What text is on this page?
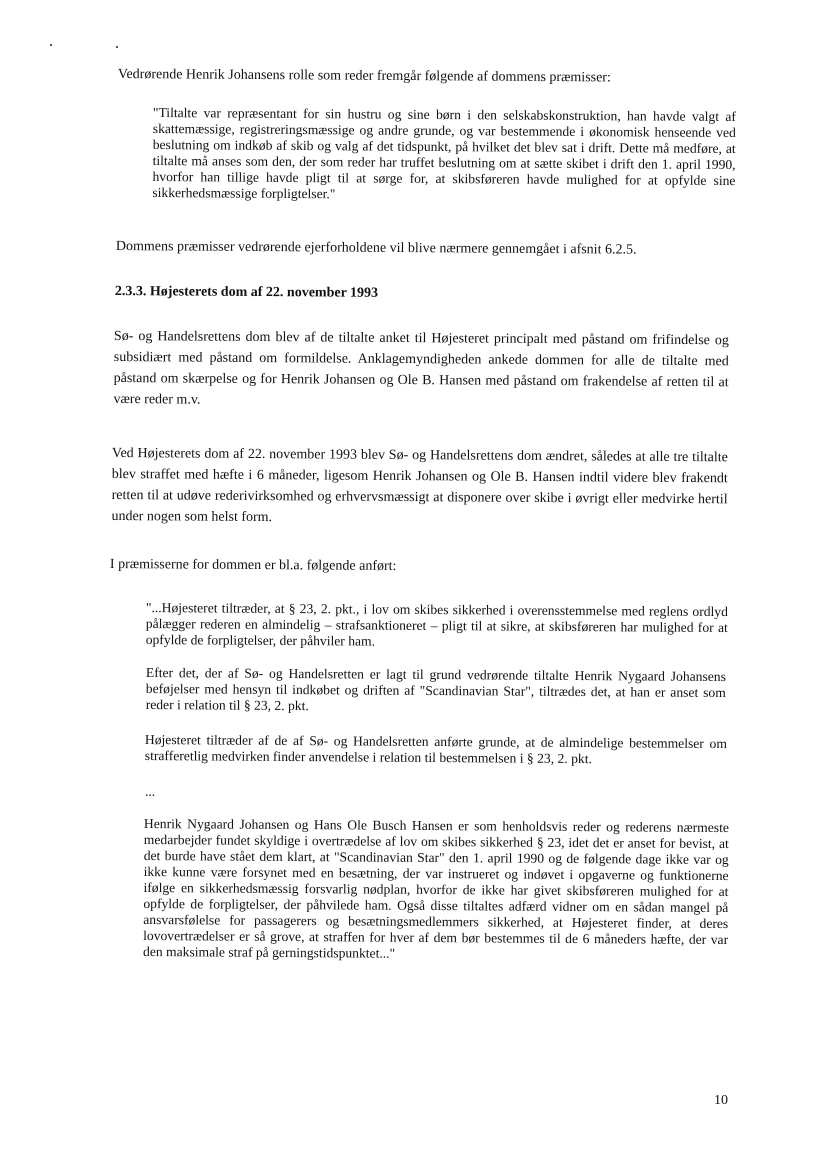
Vedrørende Henrik Johansens rolle som reder fremgår følgende af dommens præmisser:

"Tiltalte var repræsentant for sin hustru og sine børn i den selskabskonstruktion, han havde valgt af skattemæssige, registreringsmæssige og andre grunde, og var bestemmende i økonomisk henseende ved beslutning om indkøb af skib og valg af det tidspunkt, på hvilket det blev sat i drift. Dette må medføre, at tiltalte må anses som den, der som reder har truffet beslutning om at sætte skibet i drift den 1. april 1990, hvorfor han tillige havde pligt til at sørge for, at skibsføreren havde mulighed for at opfylde sine sikkerhedsmæssige forpligtelser."

Dommens præmisser vedrørende ejerforholdene vil blive nærmere gennemgået i afsnit 6.2.5.

2.3.3. Højesterets dom af 22. november 1993

Sø- og Handelsrettens dom blev af de tiltalte anket til Højesteret principalt med påstand om frifindelse og subsidiært med påstand om formildelse. Anklagemyndigheden ankede dommen for alle de tiltalte med påstand om skærpelse og for Henrik Johansen og Ole B. Hansen med påstand om frakendelse af retten til at være reder m.v.

Ved Højesterets dom af 22. november 1993 blev Sø- og Handelsrettens dom ændret, således at alle tre tiltalte blev straffet med hæfte i 6 måneder, ligesom Henrik Johansen og Ole B. Hansen indtil videre blev frakendt retten til at udøve rederivirksomhed og erhvervsmæssigt at disponere over skibe i øvrigt eller medvirke hertil under nogen som helst form.

I præmisserne for dommen er bl.a. følgende anført:

"...Højesteret tiltræder, at § 23, 2. pkt., i lov om skibes sikkerhed i overensstemmelse med reglens ordlyd pålægger rederen en almindelig – strafsanktioneret – pligt til at sikre, at skibsføreren har mulighed for at opfylde de forpligtelser, der påhviler ham.

Efter det, der af Sø- og Handelsretten er lagt til grund vedrørende tiltalte Henrik Nygaard Johansens beføjelser med hensyn til indkøbet og driften af "Scandinavian Star", tiltrædes det, at han er anset som reder i relation til § 23, 2. pkt.

Højesteret tiltræder af de af Sø- og Handelsretten anførte grunde, at de almindelige bestemmelser om strafferetlig medvirken finder anvendelse i relation til bestemmelsen i § 23, 2. pkt.

...

Henrik Nygaard Johansen og Hans Ole Busch Hansen er som henholdsvis reder og rederens nærmeste medarbejder fundet skyldige i overtrædelse af lov om skibes sikkerhed § 23, idet det er anset for bevist, at det burde have stået dem klart, at "Scandinavian Star" den 1. april 1990 og de følgende dage ikke var og ikke kunne være forsynet med en besætning, der var instrueret og indøvet i opgaverne og funktionerne ifølge en sikkerhedsmæssig forsvarlig nødplan, hvorfor de ikke har givet skibsføreren mulighed for at opfylde de forpligtelser, der påhvilede ham. Også disse tiltaltes adfærd vidner om en sådan mangel på ansvarsfølelse for passagerers og besætningsmedlemmers sikkerhed, at Højesteret finder, at deres lovovertrædelser er så grove, at straffen for hver af dem bør bestemmes til de 6 måneders hæfte, der var den maksimale straf på gerningstidspunktet..."

10
